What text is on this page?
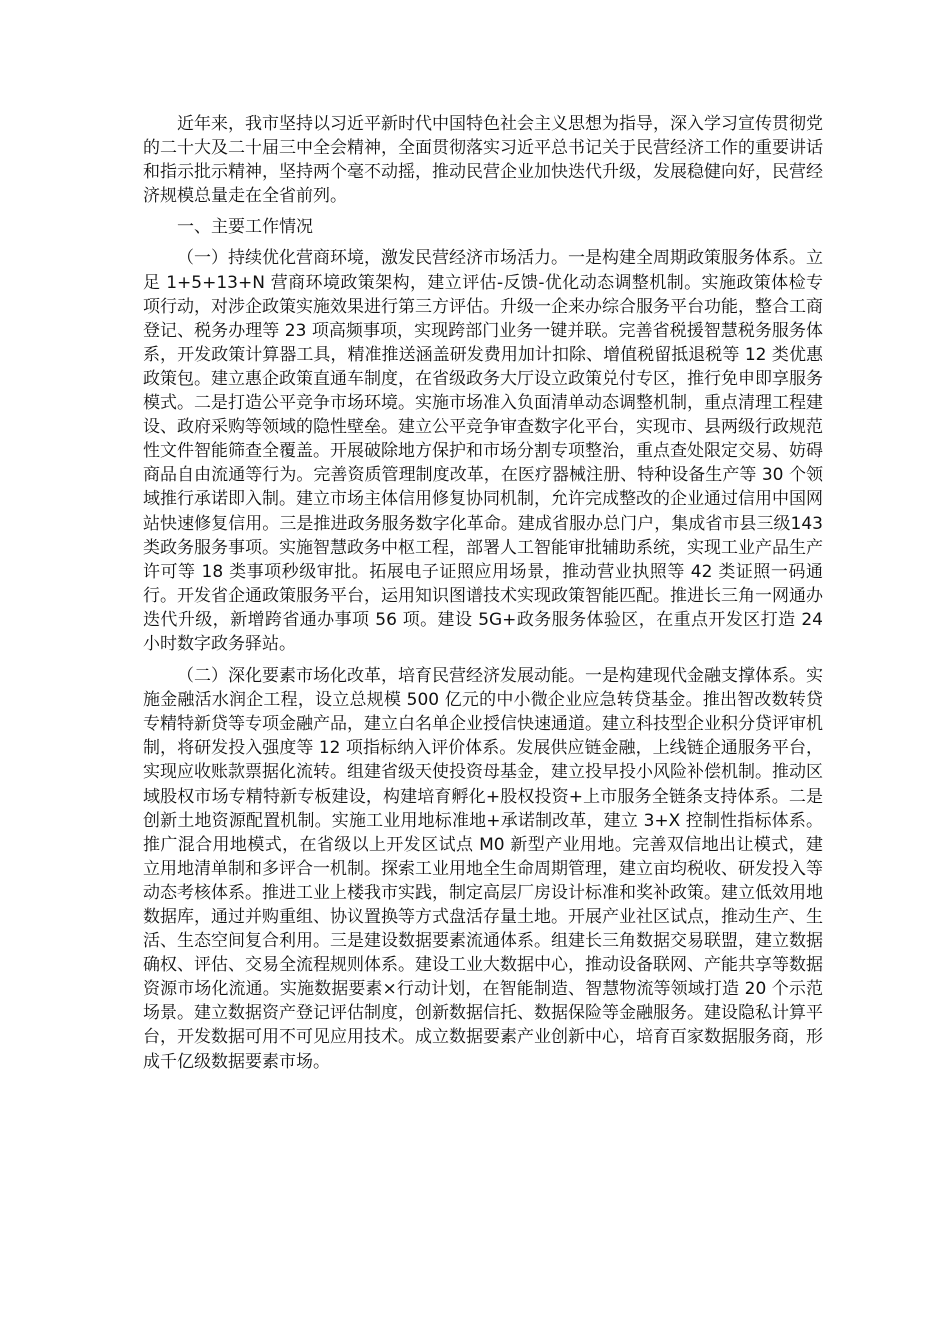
近年来，我市坚持以习近平新时代中国特色社会主义思想为指导，深入学习宣传贯彻党的二十大及二十届三中全会精神，全面贯彻落实习近平总书记关于民营经济工作的重要讲话和指示批示精神，坚持两个毫不动摇，推动民营企业加快迭代升级，发展稳健向好，民营经济规模总量走在全省前列。

一、主要工作情况

（一）持续优化营商环境，激发民营经济市场活力。一是构建全周期政策服务体系。立足 1+5+13+N 营商环境政策架构，建立评估-反馈-优化动态调整机制。实施政策体检专项行动，对涉企政策实施效果进行第三方评估。升级一企来办综合服务平台功能，整合工商登记、税务办理等 23 项高频事项，实现跨部门业务一键并联。完善省税援智慧税务服务体系，开发政策计算器工具，精准推送涵盖研发费用加计扣除、增值税留抵退税等 12 类优惠政策包。建立惠企政策直通车制度，在省级政务大厅设立政策兑付专区，推行免申即享服务模式。二是打造公平竞争市场环境。实施市场准入负面清单动态调整机制，重点清理工程建设、政府采购等领域的隐性壁垒。建立公平竞争审查数字化平台，实现市、县两级行政规范性文件智能筛查全覆盖。开展破除地方保护和市场分割专项整治，重点查处限定交易、妨碍商品自由流通等行为。完善资质管理制度改革，在医疗器械注册、特种设备生产等 30 个领域推行承诺即入制。建立市场主体信用修复协同机制，允许完成整改的企业通过信用中国网站快速修复信用。三是推进政务服务数字化革命。建成省服办总门户，集成省市县三级143 类政务服务事项。实施智慧政务中枢工程，部署人工智能审批辅助系统，实现工业产品生产许可等 18 类事项秒级审批。拓展电子证照应用场景，推动营业执照等 42 类证照一码通行。开发省企通政策服务平台，运用知识图谱技术实现政策智能匹配。推进长三角一网通办迭代升级，新增跨省通办事项 56 项。建设 5G+政务服务体验区，在重点开发区打造 24 小时数字政务驿站。

（二）深化要素市场化改革，培育民营经济发展动能。一是构建现代金融支撑体系。实施金融活水润企工程，设立总规模 500 亿元的中小微企业应急转贷基金。推出智改数转贷专精特新贷等专项金融产品，建立白名单企业授信快速通道。建立科技型企业积分贷评审机制，将研发投入强度等 12 项指标纳入评价体系。发展供应链金融，上线链企通服务平台，实现应收账款票据化流转。组建省级天使投资母基金，建立投早投小风险补偿机制。推动区域股权市场专精特新专板建设，构建培育孵化+股权投资+上市服务全链条支持体系。二是创新土地资源配置机制。实施工业用地标准地+承诺制改革，建立 3+X 控制性指标体系。推广混合用地模式，在省级以上开发区试点 M0 新型产业用地。完善双信地出让模式，建立用地清单制和多评合一机制。探索工业用地全生命周期管理，建立亩均税收、研发投入等动态考核体系。推进工业上楼我市实践，制定高层厂房设计标准和奖补政策。建立低效用地数据库，通过并购重组、协议置换等方式盘活存量土地。开展产业社区试点，推动生产、生活、生态空间复合利用。三是建设数据要素流通体系。组建长三角数据交易联盟，建立数据确权、评估、交易全流程规则体系。建设工业大数据中心，推动设备联网、产能共享等数据资源市场化流通。实施数据要素×行动计划，在智能制造、智慧物流等领域打造 20 个示范场景。建立数据资产登记评估制度，创新数据信托、数据保险等金融服务。建设隐私计算平台，开发数据可用不可见应用技术。成立数据要素产业创新中心，培育百家数据服务商，形成千亿级数据要素市场。
